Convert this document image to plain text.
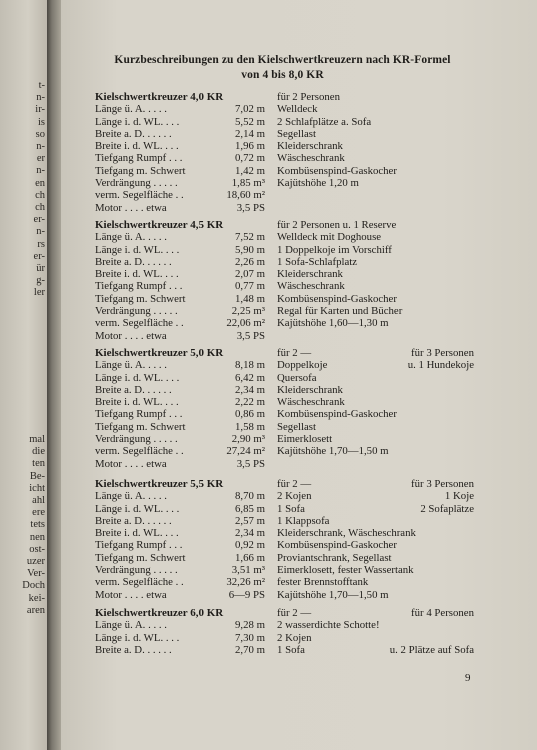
t-
n-
ir-
is
so
n-
er
n-
en
ch
ch
er-
n-
rs
er-
ür
g-
ler
mal
die
ten
Be-
icht
ahl
ere
tets
nen
ost-
uzer
Ver-
Doch
kei-
aren
Kurzbeschreibungen zu den Kielschwertkreuzern nach KR-Formel
von 4 bis 8,0 KR
Kielschwertkreuzer 4,0 KR	für 2 Personen
Länge ü. A. . . . .	7,02 m Welldeck
Länge i. d. WL. . . .	5,52 m 2 Schlafplätze a. Sofa
Breite a. D. . . . . .	2,14 m Segellast
Breite i. d. WL. . . .	1,96 m Kleiderschrank
Tiefgang Rumpf . . .	0,72 m Wäscheschrank
Tiefgang m. Schwert	1,42 m Kombüsenspind-Gaskocher
Verdrängung . . . . .	1,85 m³ Kajütshöhe 1,20 m
verm. Segelfläche . .	18,60 m²
Motor . . . . etwa	3,5 PS
Kielschwertkreuzer 4,5 KR	für 2 Personen u. 1 Reserve
Länge ü. A. . . . .	7,52 m Welldeck mit Doghouse
Länge i. d. WL. . . .	5,90 m 1 Doppelkoje im Vorschiff
Breite a. D. . . . . .	2,26 m 1 Sofa-Schlafplatz
Breite i. d. WL. . . .	2,07 m Kleiderschrank
Tiefgang Rumpf . . .	0,77 m Wäscheschrank
Tiefgang m. Schwert	1,48 m Kombüsenspind-Gaskocher
Verdrängung . . . . .	2,25 m³ Regal für Karten und Bücher
verm. Segelfläche . .	22,06 m² Kajütshöhe 1,60—1,30 m
Motor . . . . etwa	3,5 PS
Kielschwertkreuzer 5,0 KR	für 2 —	für 3 Personen
Länge ü. A. . . . .	8,18 m Doppelkoje	u. 1 Hundekoje
Länge i. d. WL. . . .	6,42 m Quersofa
Breite a. D. . . . . .	2,34 m Kleiderschrank
Breite i. d. WL. . . .	2,22 m Wäscheschrank
Tiefgang Rumpf . . .	0,86 m Kombüsenspind-Gaskocher
Tiefgang m. Schwert	1,58 m Segellast
Verdrängung . . . . .	2,90 m³ Eimerklosett
verm. Segelfläche . .	27,24 m² Kajütshöhe 1,70—1,50 m
Motor . . . . etwa	3,5 PS
Kielschwertkreuzer 5,5 KR	für 2 —	für 3 Personen
Länge ü. A. . . . .	8,70 m 2 Kojen	1 Koje
Länge i. d. WL. . . .	6,85 m 1 Sofa	2 Sofaplätze
Breite a. D. . . . . .	2,57 m 1 Klappsofa
Breite i. d. WL. . . .	2,34 m Kleiderschrank, Wäscheschrank
Tiefgang Rumpf . . .	0,92 m Kombüsenspind-Gaskocher
Tiefgang m. Schwert	1,66 m Proviantschrank, Segellast
Verdrängung . . . . .	3,51 m³ Eimerklosett, fester Wassertank
verm. Segelfläche . .	32,26 m² fester Brennstofftank
Motor . . . . etwa	6—9 PS Kajütshöhe 1,70—1,50 m
Kielschwertkreuzer 6,0 KR	für 2 —	für 4 Personen
Länge ü. A. . . . .	9,28 m 2 wasserdichte Schotte!
Länge i. d. WL. . . .	7,30 m 2 Kojen
Breite a. D. . . . . .	2,70 m 1 Sofa	u. 2 Plätze auf Sofa
9
